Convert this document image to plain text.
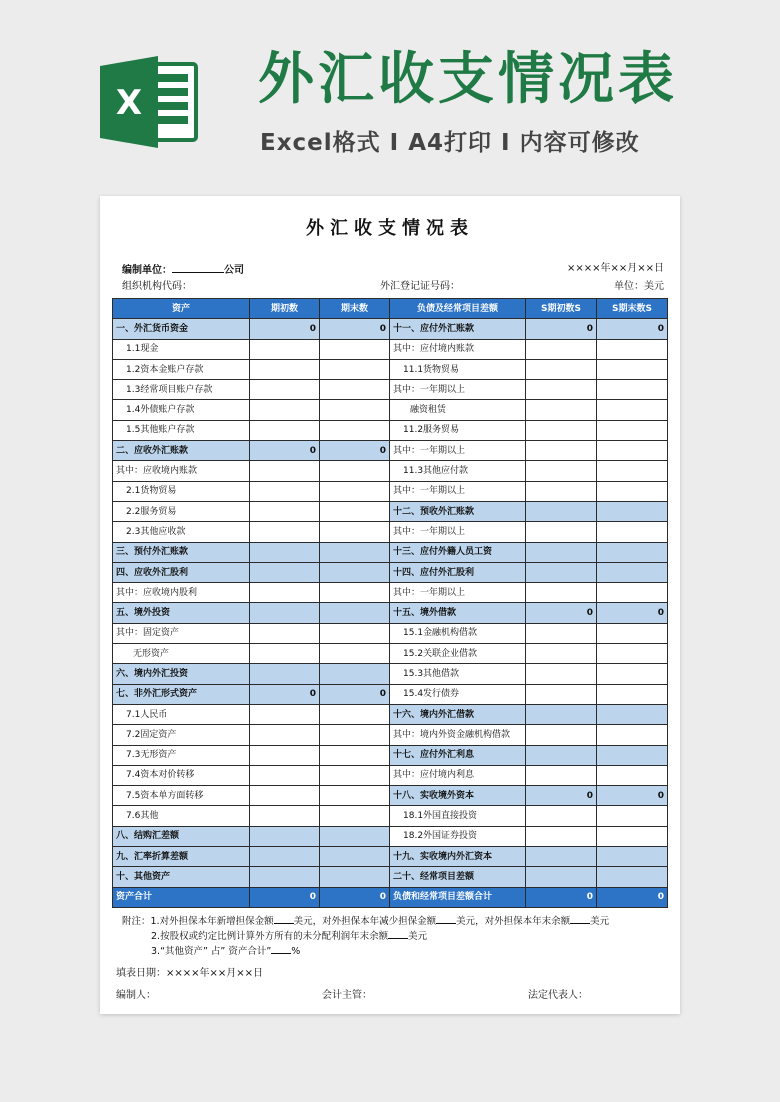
X 外汇收支情况表
Excel格式 I A4打印 I 内容可修改
外汇收支情况表
编制单位：	公司	××××年××月××日
组织机构代码：	外汇登记证号码：	单位：美元
资产	期初数	期末数	负债及经常项目差额	S期初数S	S期末数S
一、外汇货币资金	0	0	十一、应付外汇账款	0	0
1.1现金			其中：应付境内账款		
1.2资本金账户存款			11.1货物贸易		
1.3经常项目账户存款			其中：一年期以上		
1.4外债账户存款			融资租赁		
1.5其他账户存款			11.2服务贸易		
二、应收外汇账款	0	0	其中：一年期以上		
其中：应收境内账款			11.3其他应付款		
2.1货物贸易			其中：一年期以上		
2.2服务贸易			十二、预收外汇账款		
2.3其他应收款			其中：一年期以上		
三、预付外汇账款			十三、应付外籍人员工资		
四、应收外汇股利			十四、应付外汇股利		
其中：应收境内股利			其中：一年期以上		
五、境外投资			十五、境外借款	0	0
其中：固定资产			15.1金融机构借款		
无形资产			15.2关联企业借款		
六、境内外汇投资			15.3其他借款		
七、非外汇形式资产	0	0	15.4发行债券		
7.1人民币			十六、境内外汇借款		
7.2固定资产			其中：境内外资金融机构借款		
7.3无形资产			十七、应付外汇利息		
7.4资本对价转移			其中：应付境内利息		
7.5资本单方面转移			十八、实收境外资本	0	0
7.6其他			18.1外国直接投资		
八、结购汇差额			18.2外国证券投资		
九、汇率折算差额			十九、实收境内外汇资本		
十、其他资产			二十、经常项目差额		
资产合计	0	0	负债和经常项目差额合计	0	0
附注：1.对外担保本年新增担保金额 美元，对外担保本年减少担保金额 美元，对外担保本年末余额 美元
2.按股权或约定比例计算外方所有的未分配利润年末余额 美元
3.“其他资产” 占” 资产合计” %
填表日期：××××年××月××日
编制人：	会计主管：	法定代表人：
